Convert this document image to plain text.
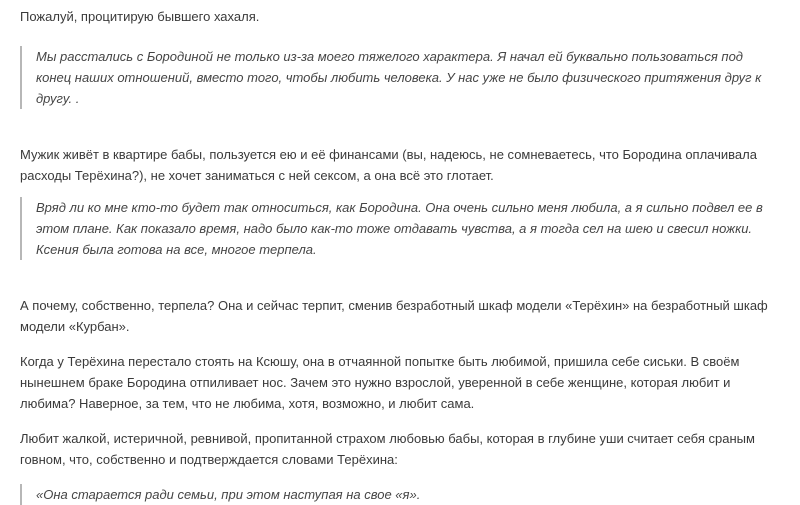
Пожалуй, процитирую бывшего хахаля.

Мы расстались с Бородиной не только из-за моего тяжелого характера. Я начал ей буквально пользоваться под конец наших отношений, вместо того, чтобы любить человека. У нас уже не было физического притяжения друг к другу. .

Мужик живёт в квартире бабы, пользуется ею и её финансами (вы, надеюсь, не сомневаетесь, что Бородина оплачивала расходы Терёхина?), не хочет заниматься с ней сексом, а она всё это глотает.

Вряд ли ко мне кто-то будет так относиться, как Бородина. Она очень сильно меня любила, а я сильно подвел ее в этом плане. Как показало время, надо было как-то тоже отдавать чувства, а я тогда сел на шею и свесил ножки. Ксения была готова на все, многое терпела.

А почему, собственно, терпела? Она и сейчас терпит, сменив безработный шкаф модели «Терёхин» на безработный шкаф модели «Курбан».

Когда у Терёхина перестало стоять на Ксюшу, она в отчаянной попытке быть любимой, пришила себе сиськи. В своём нынешнем браке Бородина отпиливает нос. Зачем это нужно взрослой, уверенной в себе женщине, которая любит и любима? Наверное, за тем, что не любима, хотя, возможно, и любит сама.

Любит жалкой, истеричной, ревнивой, пропитанной страхом любовью бабы, которая в глубине уши считает себя сраным говном, что, собственно и подтверждается словами Терёхина:

«Она старается ради семьи, при этом наступая на свое «я».
